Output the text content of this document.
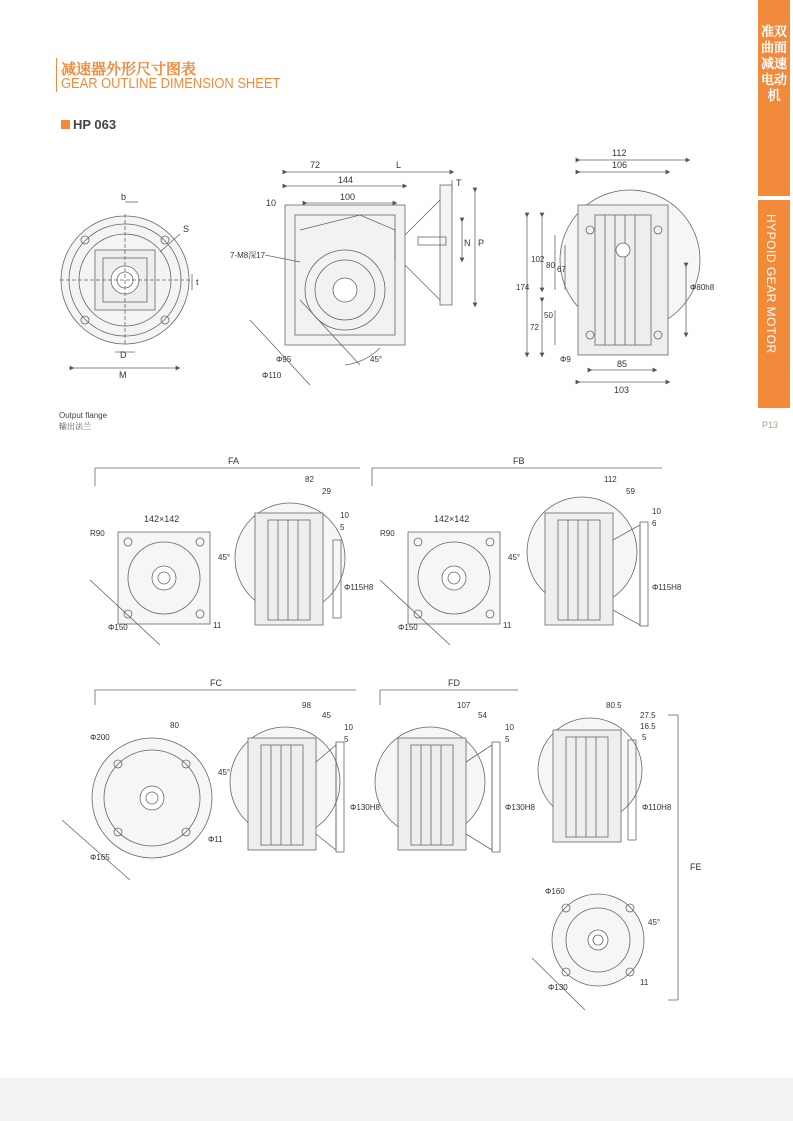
减速器外形尺寸图表
GEAR OUTLINE DIMENSION SHEET
HP 063
准双曲面减速电动机
HYPOID GEAR MOTOR
P13
Output flange
输出法兰
b
S
t
D
M
72	L
144
100
10
T
N P
7-M8深17
Φ95
Φ110
45°
112
106
174
102
80 67
72
50
Φ9
Φ80h8
85
103
FA
142×142
R90
Φ150
45°
11
82
29
10
5
Φ115H8
FB
142×142
R90
Φ150
45°
11
112
59
10
6
Φ115H8
FC
Φ200
80
45°
Φ165
Φ11
98
45
10
5
Φ130H8
FD
107
54
10
5
Φ130H8
FE
80.5
27.5
16.5
5
Φ110H8
Φ160
45°
Φ130
11
